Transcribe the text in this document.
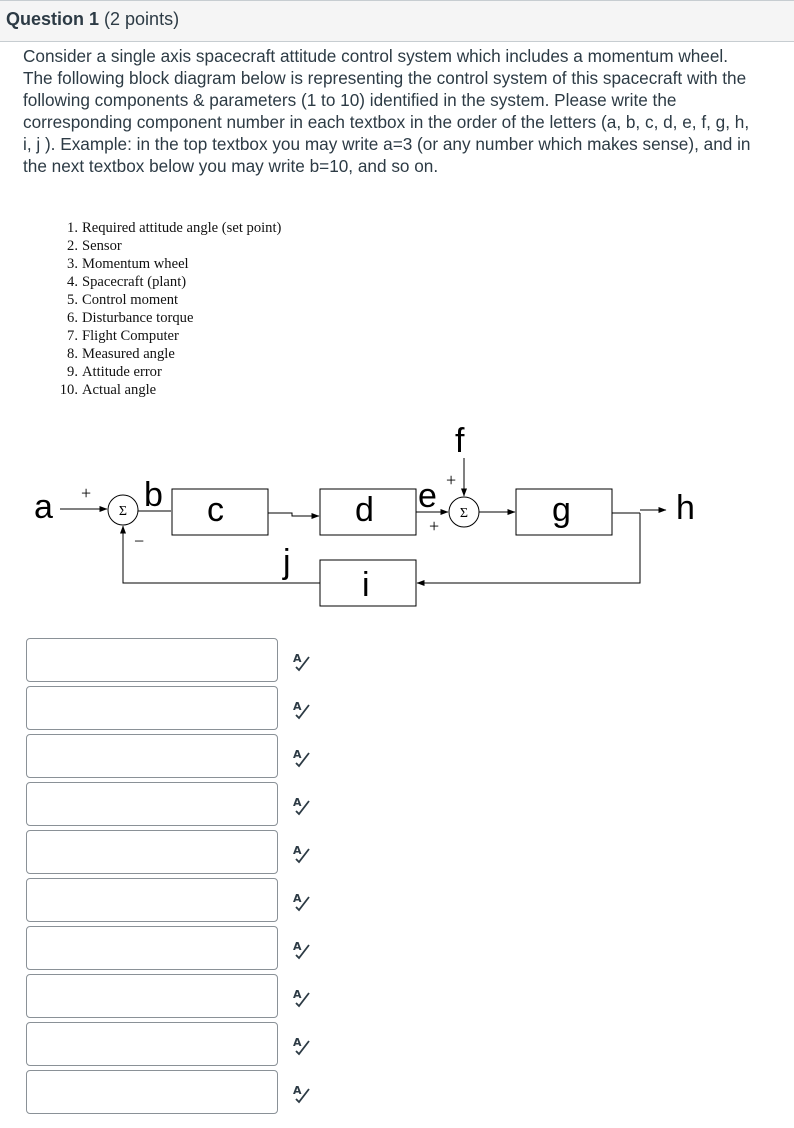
Question 1 (2 points)

Consider a single axis spacecraft attitude control system which includes a momentum wheel. The following block diagram below is representing the control system of this spacecraft with the following components & parameters (1 to 10) identified in the system. Please write the corresponding component number in each textbox in the order of the letters (a, b, c, d, e, f, g, h, i, j ). Example: in the top textbox you may write a=3 (or any number which makes sense), and in the next textbox below you may write b=10, and so on.

1. Required attitude angle (set point)
2. Sensor
3. Momentum wheel
4. Spacecraft (plant)
5. Control moment
6. Disturbance torque
7. Flight Computer
8. Measured angle
9. Attitude error
10. Actual angle
Σ	Σ
a	b c	d e
f
g	h
i
j
+
−
+
+
A
A
A
A
A
A
A
A
A
A
